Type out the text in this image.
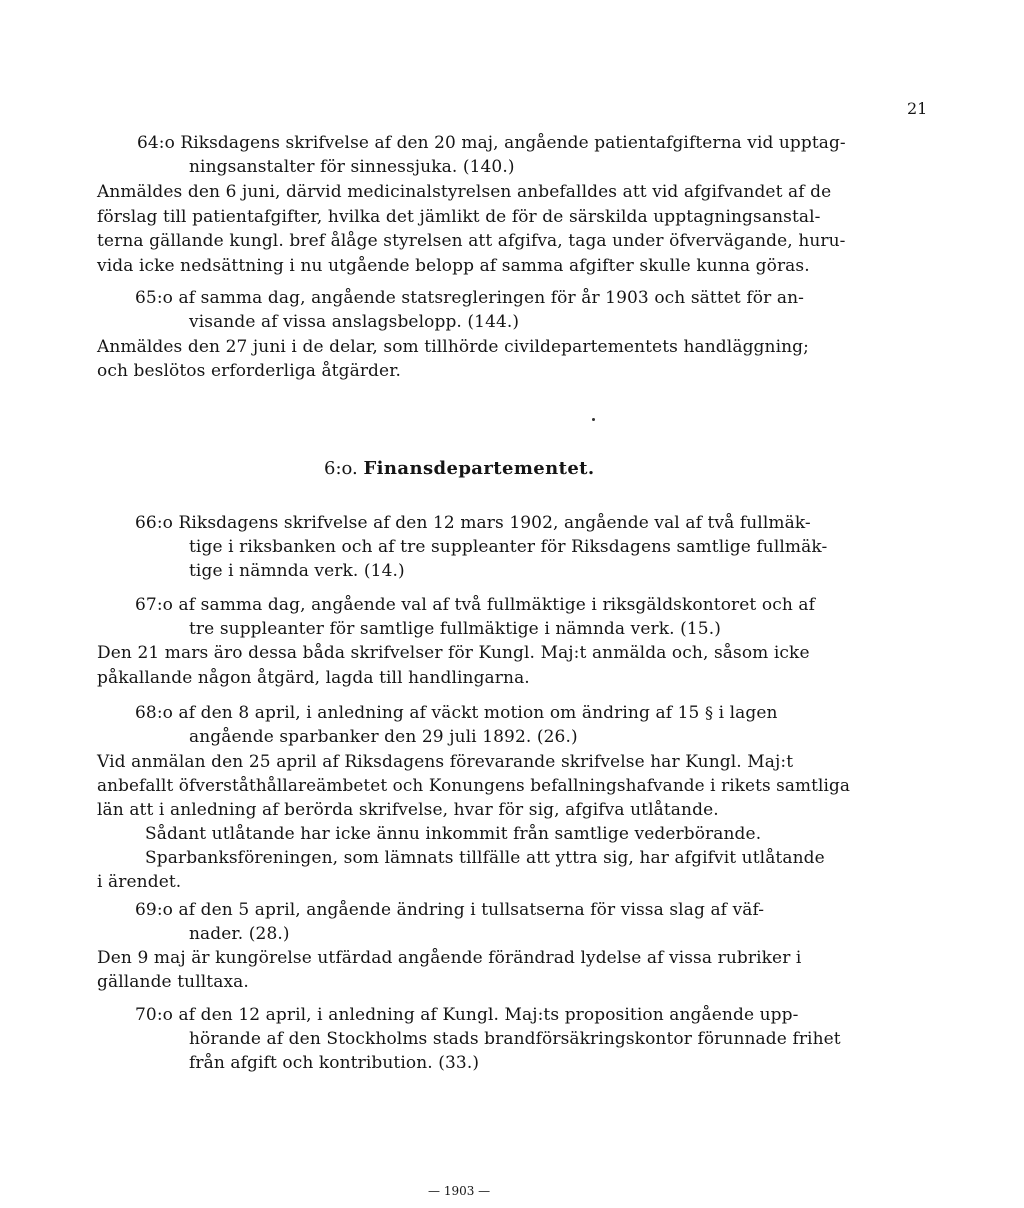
21
64:o Riksdagens skrifvelse af den 20 maj, angående patientafgifterna vid upptag-
ningsanstalter för sinnessjuka. (140.)
Anmäldes den 6 juni, därvid medicinalstyrelsen anbefalldes att vid afgifvandet af de
förslag till patientafgifter, hvilka det jämlikt de för de särskilda upptagningsanstal-
terna gällande kungl. bref ålåge styrelsen att afgifva, taga under öfvervägande, huru-
vida icke nedsättning i nu utgående belopp af samma afgifter skulle kunna göras.
65:o af samma dag, angående statsregleringen för år 1903 och sättet för an-
visande af vissa anslagsbelopp. (144.)
Anmäldes den 27 juni i de delar, som tillhörde civildepartementets handläggning;
och beslötos erforderliga åtgärder.
6:o. Finansdepartementet.
66:o Riksdagens skrifvelse af den 12 mars 1902, angående val af två fullmäk-
tige i riksbanken och af tre suppleanter för Riksdagens samtlige fullmäk-
tige i nämnda verk. (14.)
67:o af samma dag, angående val af två fullmäktige i riksgäldskontoret och af
tre suppleanter för samtlige fullmäktige i nämnda verk. (15.)
Den 21 mars äro dessa båda skrifvelser för Kungl. Maj:t anmälda och, såsom icke
påkallande någon åtgärd, lagda till handlingarna.
68:o af den 8 april, i anledning af väckt motion om ändring af 15 § i lagen
angående sparbanker den 29 juli 1892. (26.)
Vid anmälan den 25 april af Riksdagens förevarande skrifvelse har Kungl. Maj:t
anbefallt öfverståthållareämbetet och Konungens befallningshafvande i rikets samtliga
län att i anledning af berörda skrifvelse, hvar för sig, afgifva utlåtande.
Sådant utlåtande har icke ännu inkommit från samtlige vederbörande.
Sparbanksföreningen, som lämnats tillfälle att yttra sig, har afgifvit utlåtande
i ärendet.
69:o af den 5 april, angående ändring i tullsatserna för vissa slag af väf-
nader. (28.)
Den 9 maj är kungörelse utfärdad angående förändrad lydelse af vissa rubriker i
gällande tulltaxa.
70:o af den 12 april, i anledning af Kungl. Maj:ts proposition angående upp-
hörande af den Stockholms stads brandförsäkringskontor förunnade frihet
från afgift och kontribution. (33.)
— 1903 —
